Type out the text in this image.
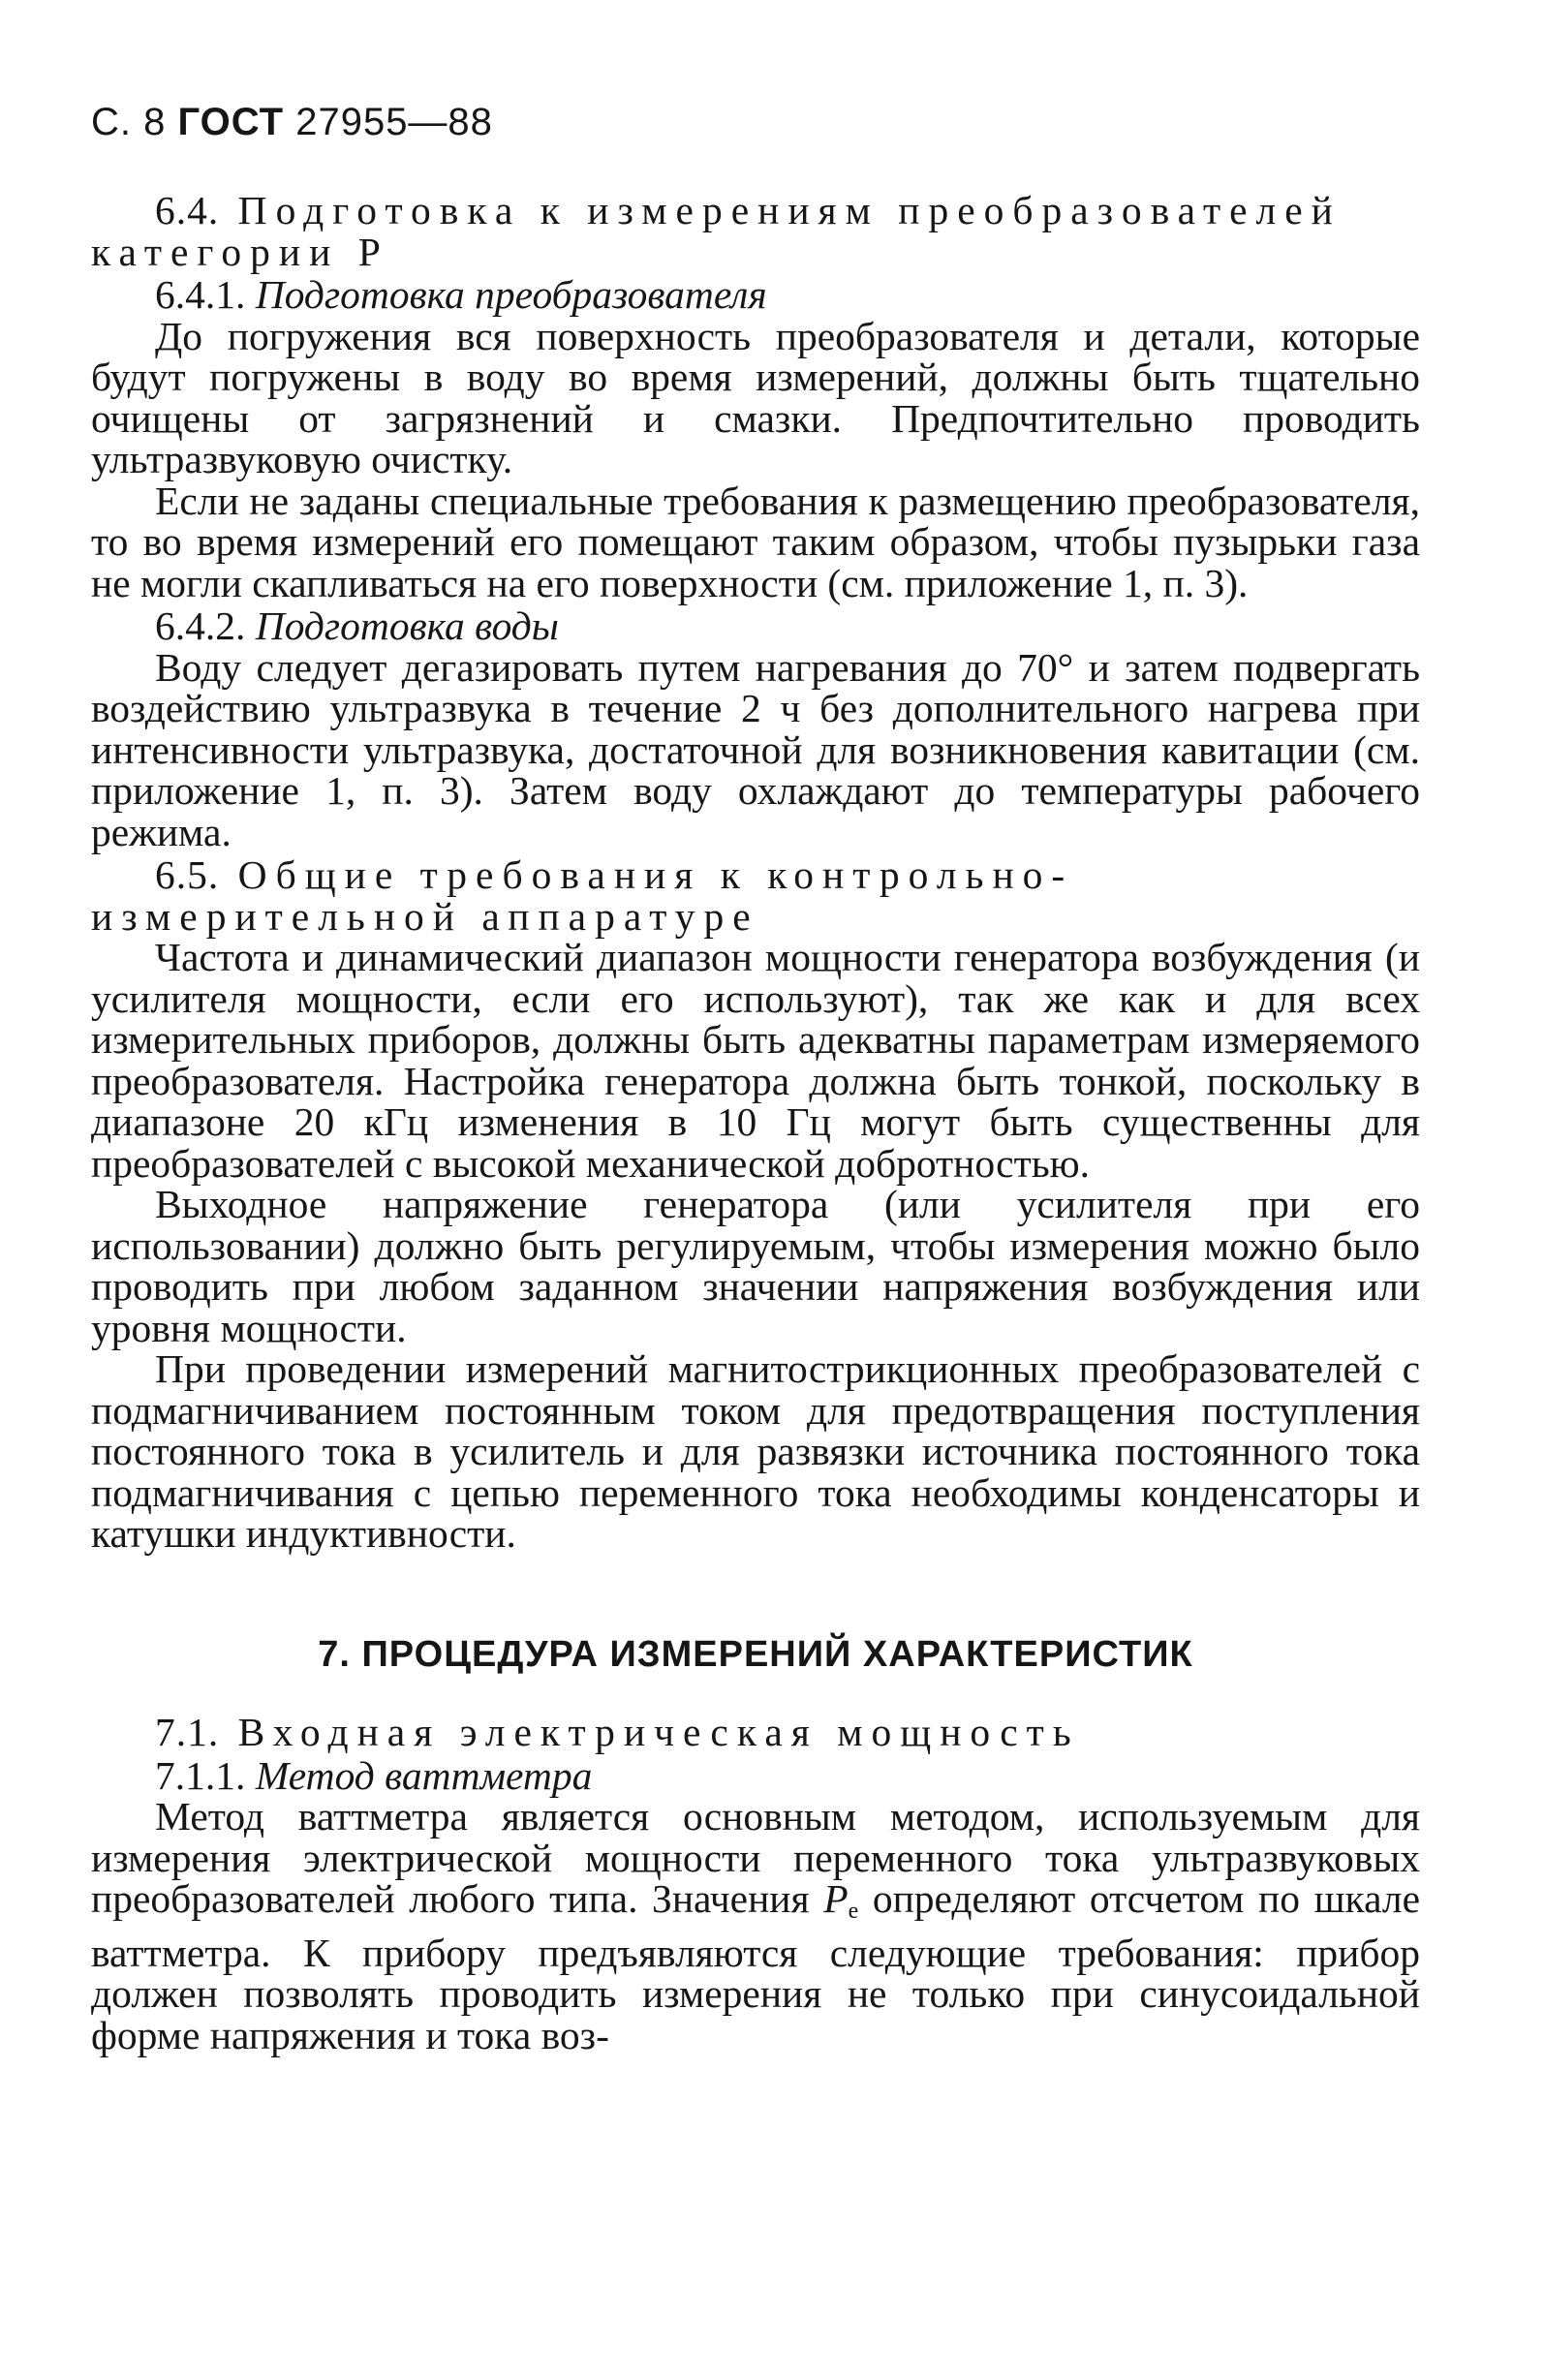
С. 8 ГОСТ 27955—88

6.4. Подготовка к измерениям преобразователей категории Р

6.4.1. Подготовка преобразователя

До погружения вся поверхность преобразователя и детали, которые будут погружены в воду во время измерений, должны быть тщательно очищены от загрязнений и смазки. Предпочтительно проводить ультразвуковую очистку.

Если не заданы специальные требования к размещению преобразователя, то во время измерений его помещают таким образом, чтобы пузырьки газа не могли скапливаться на его поверхности (см. приложение 1, п. 3).

6.4.2. Подготовка воды

Воду следует дегазировать путем нагревания до 70° и затем подвергать воздействию ультразвука в течение 2 ч без дополнительного нагрева при интенсивности ультразвука, достаточной для возникновения кавитации (см. приложение 1, п. 3). Затем воду охлаждают до температуры рабочего режима.

6.5. Общие требования к контрольно-измерительной аппаратуре

Частота и динамический диапазон мощности генератора возбуждения (и усилителя мощности, если его используют), так же как и для всех измерительных приборов, должны быть адекватны параметрам измеряемого преобразователя. Настройка генератора должна быть тонкой, поскольку в диапазоне 20 кГц изменения в 10 Гц могут быть существенны для преобразователей с высокой механической добротностью.

Выходное напряжение генератора (или усилителя при его использовании) должно быть регулируемым, чтобы измерения можно было проводить при любом заданном значении напряжения возбуждения или уровня мощности.

При проведении измерений магнитострикционных преобразователей с подмагничиванием постоянным током для предотвращения поступления постоянного тока в усилитель и для развязки источника постоянного тока подмагничивания с цепью переменного тока необходимы конденсаторы и катушки индуктивности.

7. ПРОЦЕДУРА ИЗМЕРЕНИЙ ХАРАКТЕРИСТИК

7.1. Входная электрическая мощность

7.1.1. Метод ваттметра

Метод ваттметра является основным методом, используемым для измерения электрической мощности переменного тока ультразвуковых преобразователей любого типа. Значения $P_e$ определяют отсчетом по шкале ваттметра. К прибору предъявляются следующие требования: прибор должен позволять проводить измерения не только при синусоидальной форме напряжения и тока воз-
